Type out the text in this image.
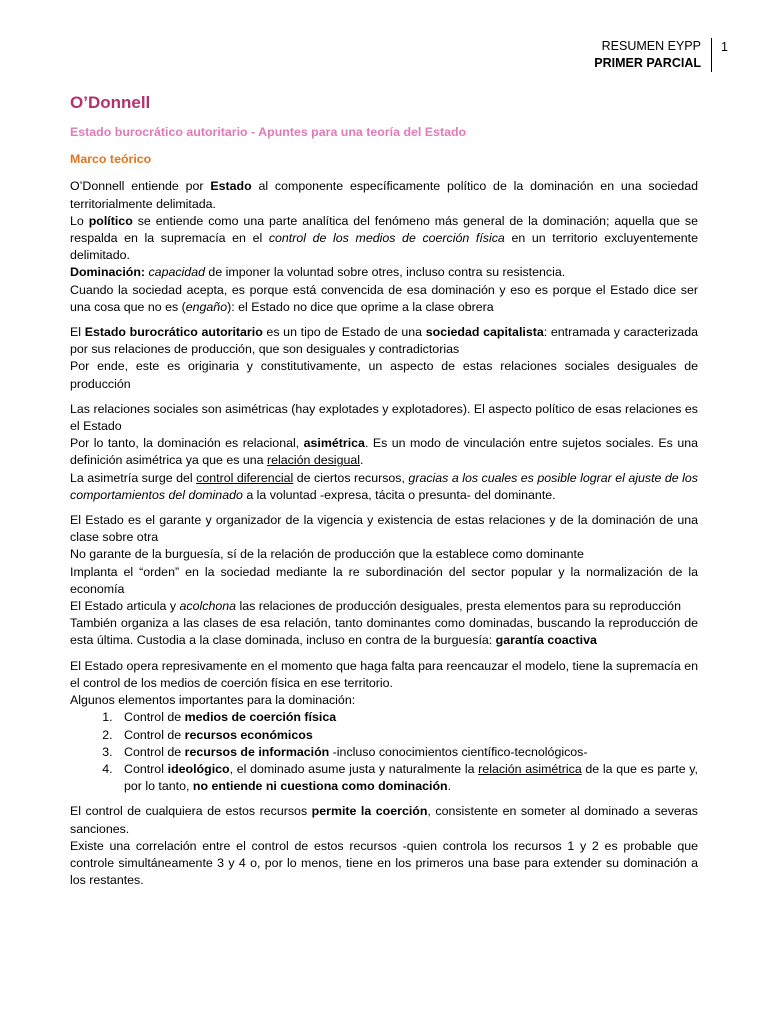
RESUMEN EYPP
PRIMER PARCIAL
1
O’Donnell
Estado burocrático autoritario - Apuntes para una teoría del Estado
Marco teórico

O’Donnell entiende por Estado al componente específicamente político de la dominación en una sociedad territorialmente delimitada.

Lo político se entiende como una parte analítica del fenómeno más general de la dominación; aquella que se respalda en la supremacía en el control de los medios de coerción física en un territorio excluyentemente delimitado.

Dominación: capacidad de imponer la voluntad sobre otres, incluso contra su resistencia.

Cuando la sociedad acepta, es porque está convencida de esa dominación y eso es porque el Estado dice ser una cosa que no es (engaño): el Estado no dice que oprime a la clase obrera

El Estado burocrático autoritario es un tipo de Estado de una sociedad capitalista: entramada y caracterizada por sus relaciones de producción, que son desiguales y contradictorias

Por ende, este es originaria y constitutivamente, un aspecto de estas relaciones sociales desiguales de producción

Las relaciones sociales son asimétricas (hay explotades y explotadores). El aspecto político de esas relaciones es el Estado

Por lo tanto, la dominación es relacional, asimétrica. Es un modo de vinculación entre sujetos sociales. Es una definición asimétrica ya que es una relación desigual.

La asimetría surge del control diferencial de ciertos recursos, gracias a los cuales es posible lograr el ajuste de los comportamientos del dominado a la voluntad -expresa, tácita o presunta- del dominante.

El Estado es el garante y organizador de la vigencia y existencia de estas relaciones y de la dominación de una clase sobre otra

No garante de la burguesía, sí de la relación de producción que la establece como dominante

Implanta el “orden” en la sociedad mediante la re subordinación del sector popular y la normalización de la economía

El Estado articula y acolchona las relaciones de producción desiguales, presta elementos para su reproducción

También organiza a las clases de esa relación, tanto dominantes como dominadas, buscando la reproducción de esta última. Custodia a la clase dominada, incluso en contra de la burguesía: garantía coactiva

El Estado opera represivamente en el momento que haga falta para reencauzar el modelo, tiene la supremacía en el control de los medios de coerción física en ese territorio.

Algunos elementos importantes para la dominación:

1. Control de medios de coerción física
2. Control de recursos económicos
3. Control de recursos de información -incluso conocimientos científico-tecnológicos-
4. Control ideológico, el dominado asume justa y naturalmente la relación asimétrica de la que es parte y, por lo tanto, no entiende ni cuestiona como dominación.

El control de cualquiera de estos recursos permite la coerción, consistente en someter al dominado a severas sanciones.

Existe una correlación entre el control de estos recursos -quien controla los recursos 1 y 2 es probable que controle simultáneamente 3 y 4 o, por lo menos, tiene en los primeros una base para extender su dominación a los restantes.
